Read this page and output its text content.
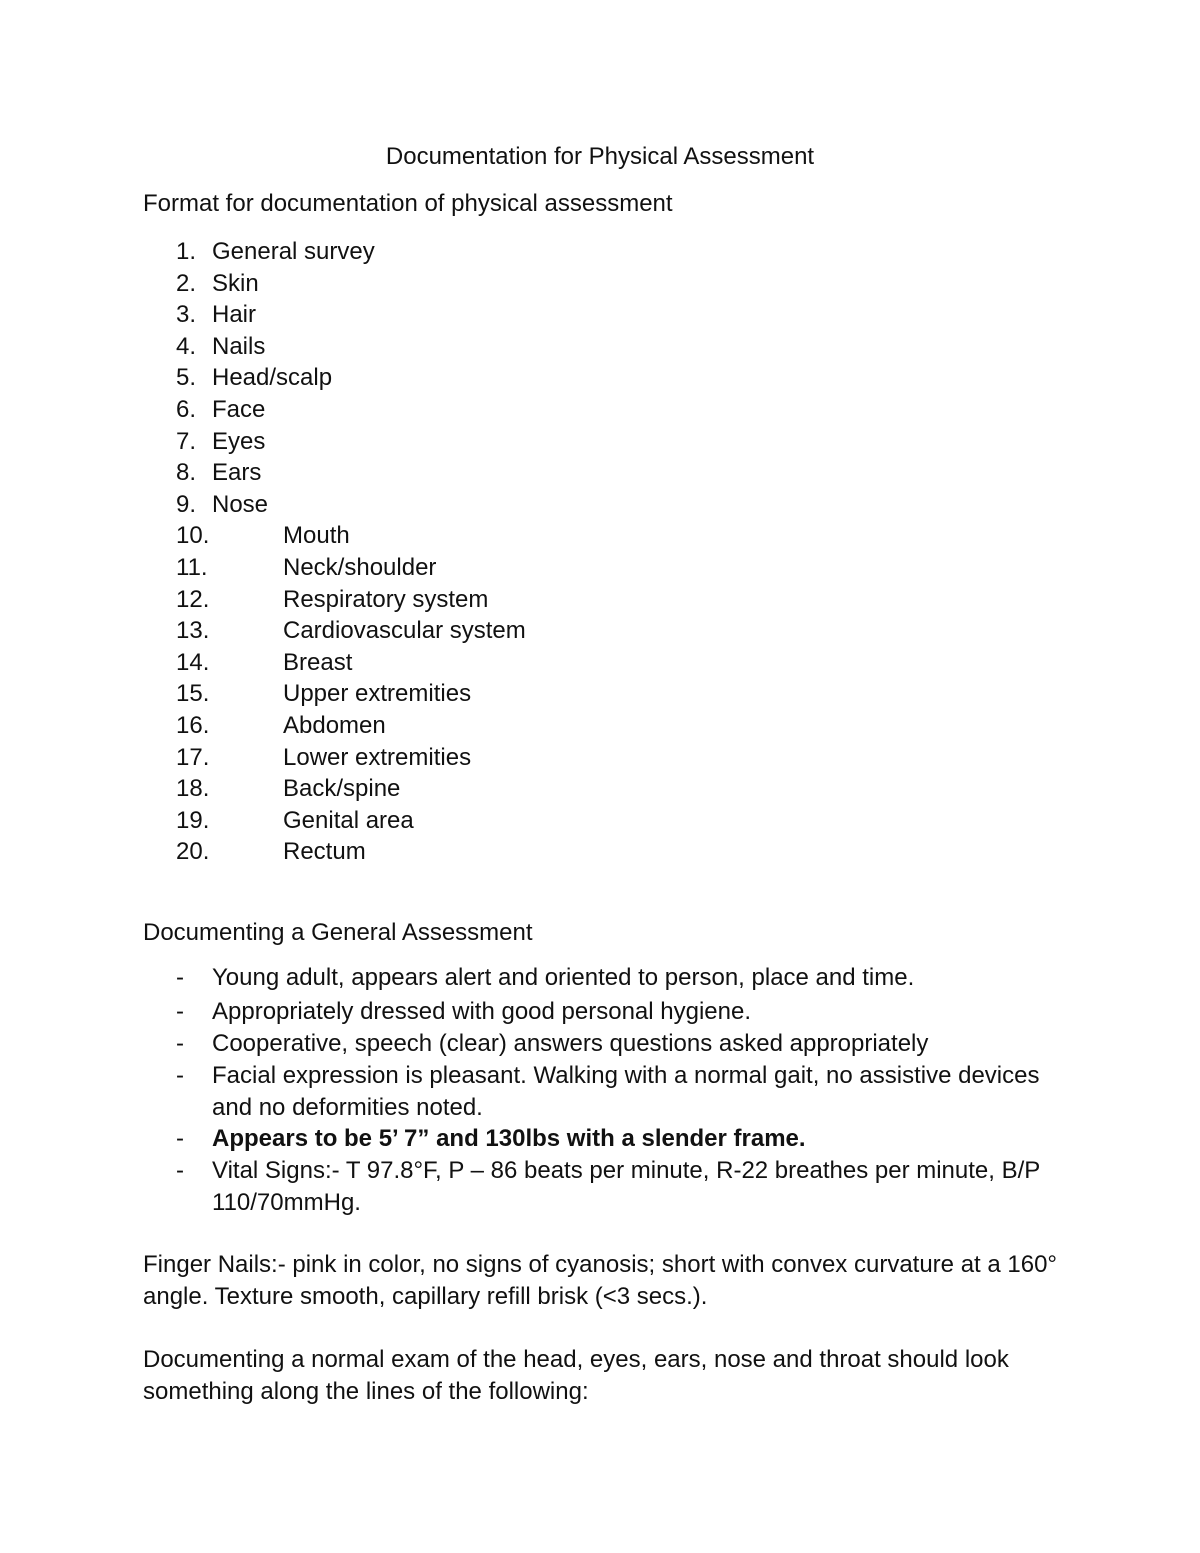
Documentation for Physical Assessment
Format for documentation of physical assessment
1. General survey
2. Skin
3. Hair
4. Nails
5. Head/scalp
6. Face
7. Eyes
8. Ears
9. Nose
10.	Mouth
11.	Neck/shoulder
12.	Respiratory system
13.	Cardiovascular system
14.	Breast
15.	Upper extremities
16.	Abdomen
17.	Lower extremities
18.	Back/spine
19.	Genital area
20.	Rectum
Documenting a General Assessment
- Young adult, appears alert and oriented to person, place and time.
- Appropriately dressed with good personal hygiene.
- Cooperative, speech (clear) answers questions asked appropriately
- Facial expression is pleasant. Walking with a normal gait, no assistive devices and no deformities noted.
- Appears to be 5’ 7” and 130lbs with a slender frame.
- Vital Signs:- T 97.8°F, P – 86 beats per minute, R-22 breathes per minute, B/P 110/70mmHg.
Finger Nails:- pink in color, no signs of cyanosis; short with convex curvature at a 160° angle. Texture smooth, capillary refill brisk (<3 secs.).
Documenting a normal exam of the head, eyes, ears, nose and throat should look something along the lines of the following:
